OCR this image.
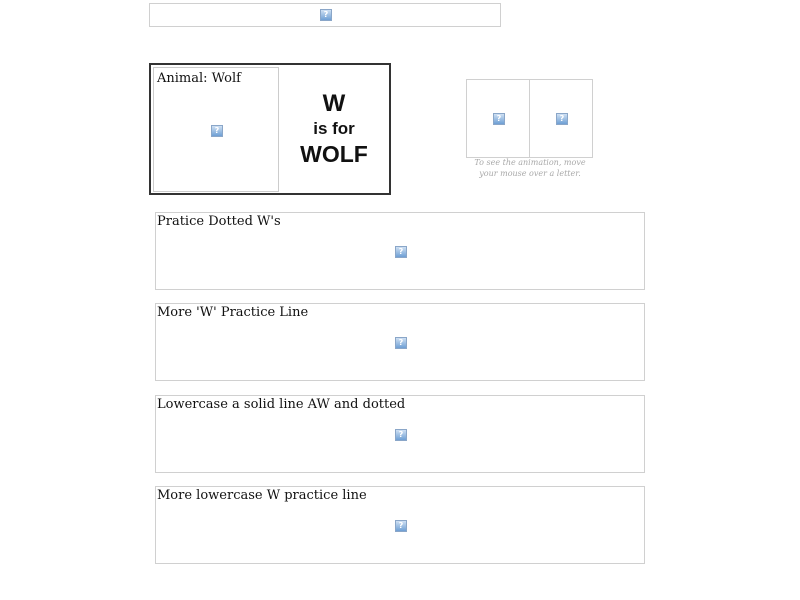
?
Animal: Wolf
?
W
is for
WOLF
?	?
To see the animation, move
your mouse over a letter.
Pratice Dotted W's
?
More 'W' Practice Line
?
Lowercase a solid line AW and dotted
?
More lowercase W practice line
?
